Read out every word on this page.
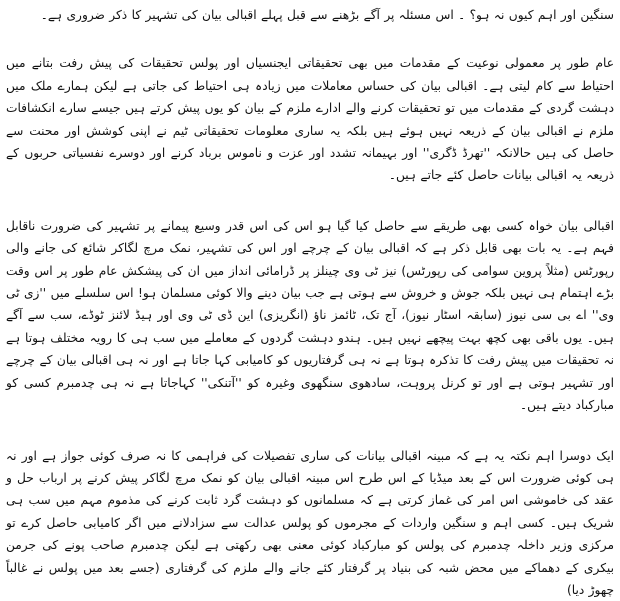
سنگین اور اہم کیوں نہ ہو؟ ۔ اس مسئلہ پر آگے بڑھنے سے قبل پہلے اقبالی بیان کی تشہیر کا ذکر ضروری ہے۔

عام طور پر معمولی نوعیت کے مقدمات میں بھی تحقیقاتی ایجنسیاں اور پولس تحقیقات کی پیش رفت بتانے میں احتیاط سے کام لیتی ہے۔ اقبالی بیان کی حساس معاملات میں زیادہ ہی احتیاط کی جاتی ہے لیکن ہمارے ملک میں دہشت گردی کے مقدمات میں تو تحقیقات کرنے والے ادارے ملزم کے بیان کو یوں پیش کرتے ہیں جیسے سارے انکشافات ملزم نے اقبالی بیان کے ذریعہ نہیں ہوئے ہیں بلکہ یہ ساری معلومات تحقیقاتی ٹیم نے اپنی کوشش اور محنت سے حاصل کی ہیں حالانکہ ''تھرڈ ڈگری'' اور بہیمانہ تشدد اور عزت و ناموس برباد کرنے اور دوسرے نفسیاتی حربوں کے ذریعہ یہ اقبالی بیانات حاصل کئے جاتے ہیں۔

اقبالی بیان خواہ کسی بھی طریقے سے حاصل کیا گیا ہو اس کی اس قدر وسیع پیمانے پر تشہیر کی ضرورت ناقابل فہم ہے۔ یہ بات بھی قابل ذکر ہے کہ اقبالی بیان کے چرچے اور اس کی تشہیر، نمک مرچ لگاکر شائع کی جانے والی رپورٹس (مثلاً پروین سوامی کی رپورٹس) نیز ٹی وی چینلز پر ڈرامائی انداز میں ان کی پیشکش عام طور پر اس وقت بڑے اہتمام ہی نہیں بلکہ جوش و خروش سے ہوتی ہے جب بیان دینے والا کوئی مسلمان ہو! اس سلسلے میں ''زی ٹی وی'' اے بی سی نیوز (سابقہ اسٹار نیوز)، آج تک، ٹائمز ناؤ (انگریزی) این ڈی ٹی وی اور ہیڈ لائنز ٹوڈے، سب سے آگے ہیں۔ یوں باقی بھی کچھ بہت پیچھے نہیں ہیں۔ ہندو دہشت گردوں کے معاملے میں سب ہی کا رویہ مختلف ہوتا ہے نہ تحقیقات میں پیش رفت کا تذکرہ ہوتا ہے نہ ہی گرفتاریوں کو کامیابی کہا جاتا ہے اور نہ ہی اقبالی بیان کے چرچے اور تشہیر ہوتی ہے اور تو کرنل پروہت، سادھوی سنگھوی وغیرہ کو ''آتنکی'' کہاجاتا ہے نہ ہی چدمبرم کسی کو مبارکباد دیتے ہیں۔

ایک دوسرا اہم نکتہ یہ ہے کہ مبینہ اقبالی بیانات کی ساری تفصیلات کی فراہمی کا نہ صرف کوئی جواز ہے اور نہ ہی کوئی ضرورت اس کے بعد میڈیا کے اس طرح اس مبینہ اقبالی بیان کو نمک مرچ لگاکر پیش کرنے پر ارباب حل و عقد کی خاموشی اس امر کی غماز کرتی ہے کہ مسلمانوں کو دہشت گرد ثابت کرنے کی مذموم مہم میں سب ہی شریک ہیں۔ کسی اہم و سنگین واردات کے مجرموں کو پولس عدالت سے سزادلانے میں اگر کامیابی حاصل کرے تو مرکزی وزیر داخلہ چدمبرم کی پولس کو مبارکباد کوئی معنی بھی رکھتی ہے لیکن چدمبرم صاحب پونے کی جرمن بیکری کے دھماکے میں محض شبہ کی بنیاد پر گرفتار کئے جانے والے ملزم کی گرفتاری (جسے بعد میں پولس نے غالباً چھوڑ دیا)
